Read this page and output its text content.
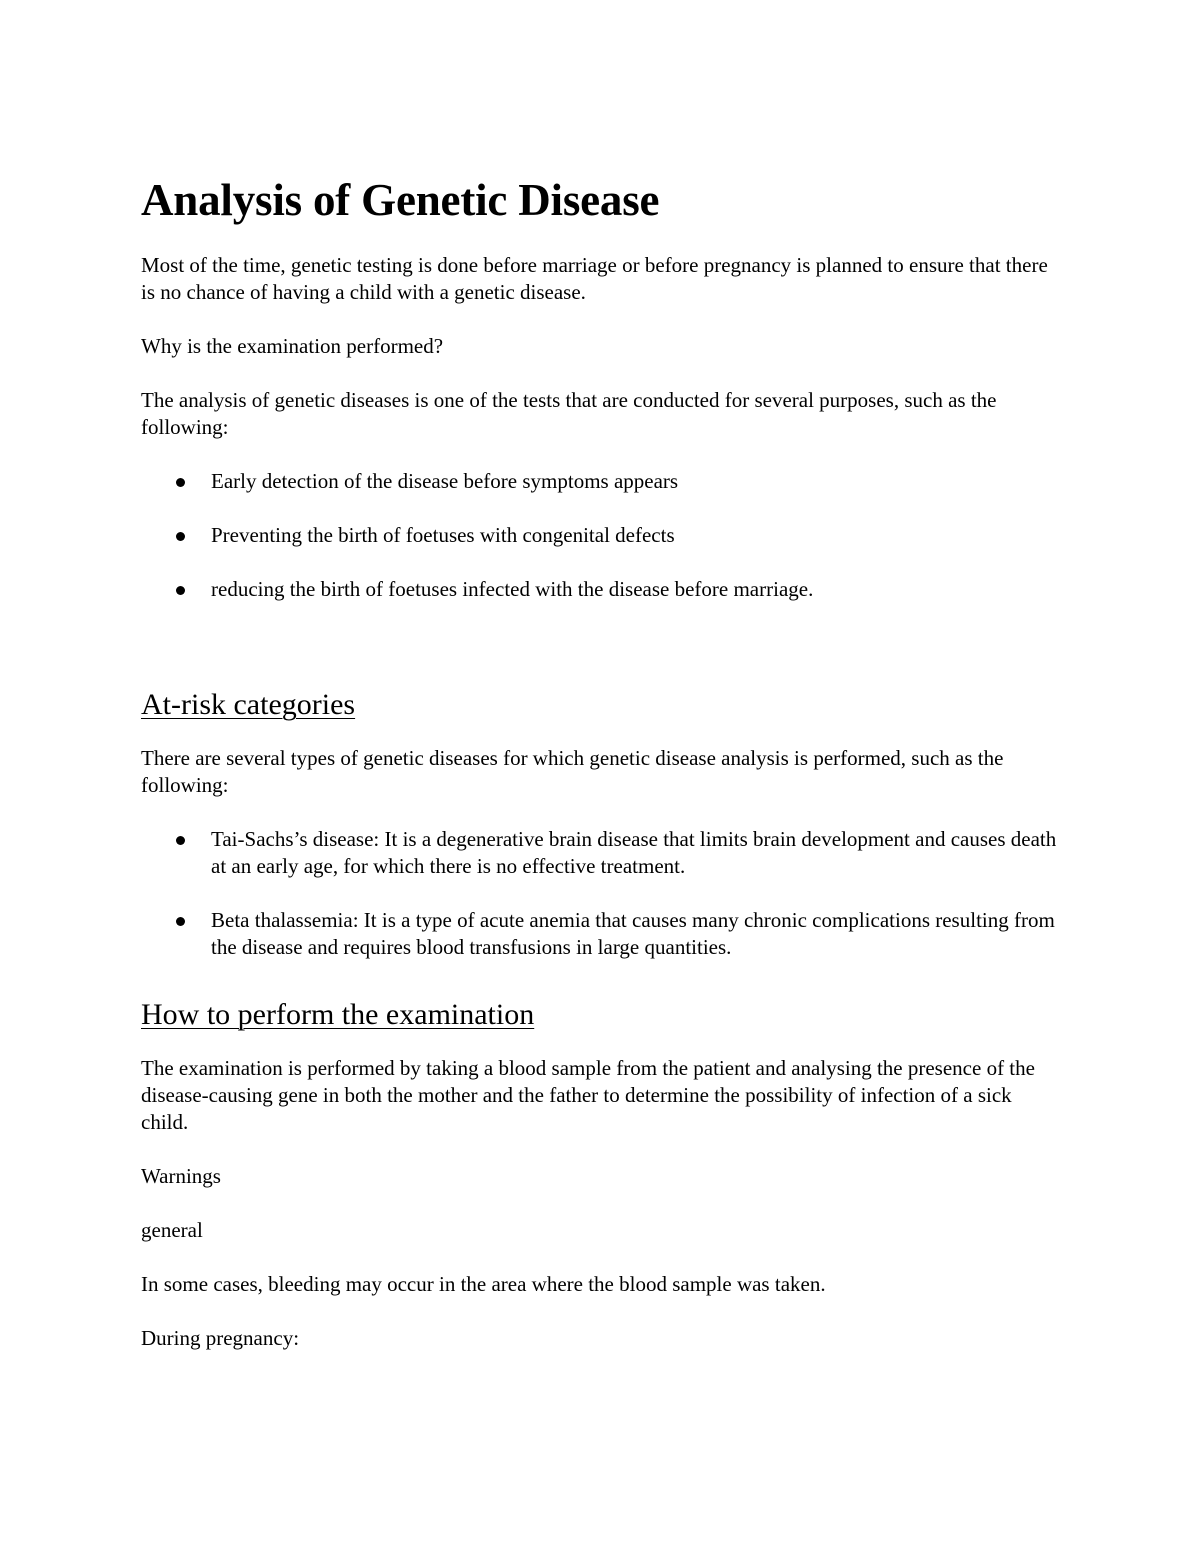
Analysis of Genetic Disease

Most of the time, genetic testing is done before marriage or before pregnancy is planned to ensure that there is no chance of having a child with a genetic disease.

Why is the examination performed?

The analysis of genetic diseases is one of the tests that are conducted for several purposes, such as the following:

Early detection of the disease before symptoms appears
Preventing the birth of foetuses with congenital defects
reducing the birth of foetuses infected with the disease before marriage.
At-risk categories

There are several types of genetic diseases for which genetic disease analysis is performed, such as the following:

Tai-Sachs’s disease: It is a degenerative brain disease that limits brain development and causes death at an early age, for which there is no effective treatment.
Beta thalassemia: It is a type of acute anemia that causes many chronic complications resulting from the disease and requires blood transfusions in large quantities.
How to perform the examination

The examination is performed by taking a blood sample from the patient and analysing the presence of the disease-causing gene in both the mother and the father to determine the possibility of infection of a sick child.

Warnings

general

In some cases, bleeding may occur in the area where the blood sample was taken.

During pregnancy:
